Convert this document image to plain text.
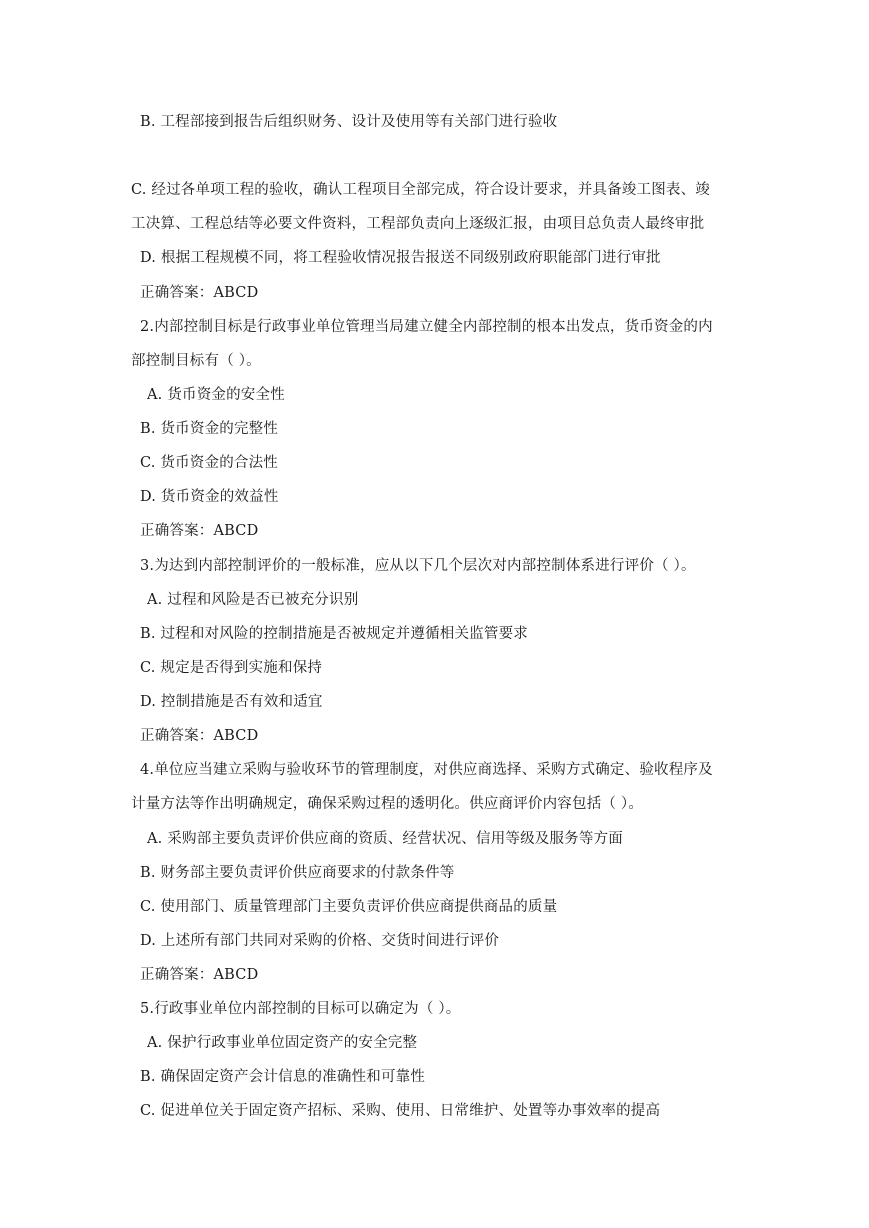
B. 工程部接到报告后组织财务、设计及使用等有关部门进行验收
C. 经过各单项工程的验收，确认工程项目全部完成，符合设计要求，并具备竣工图表、竣
工决算、工程总结等必要文件资料，工程部负责向上逐级汇报，由项目总负责人最终审批
D. 根据工程规模不同，将工程验收情况报告报送不同级别政府职能部门进行审批
正确答案：ABCD
2.内部控制目标是行政事业单位管理当局建立健全内部控制的根本出发点，货币资金的内
部控制目标有（ ）。
A. 货币资金的安全性
B. 货币资金的完整性
C. 货币资金的合法性
D. 货币资金的效益性
正确答案：ABCD
3.为达到内部控制评价的一般标准，应从以下几个层次对内部控制体系进行评价（ ）。
A. 过程和风险是否已被充分识别
B. 过程和对风险的控制措施是否被规定并遵循相关监管要求
C. 规定是否得到实施和保持
D. 控制措施是否有效和适宜
正确答案：ABCD
4.单位应当建立采购与验收环节的管理制度，对供应商选择、采购方式确定、验收程序及
计量方法等作出明确规定，确保采购过程的透明化。供应商评价内容包括（ ）。
A. 采购部主要负责评价供应商的资质、经营状况、信用等级及服务等方面
B. 财务部主要负责评价供应商要求的付款条件等
C. 使用部门、质量管理部门主要负责评价供应商提供商品的质量
D. 上述所有部门共同对采购的价格、交货时间进行评价
正确答案：ABCD
5.行政事业单位内部控制的目标可以确定为（ ）。
A. 保护行政事业单位固定资产的安全完整
B. 确保固定资产会计信息的准确性和可靠性
C. 促进单位关于固定资产招标、采购、使用、日常维护、处置等办事效率的提高
